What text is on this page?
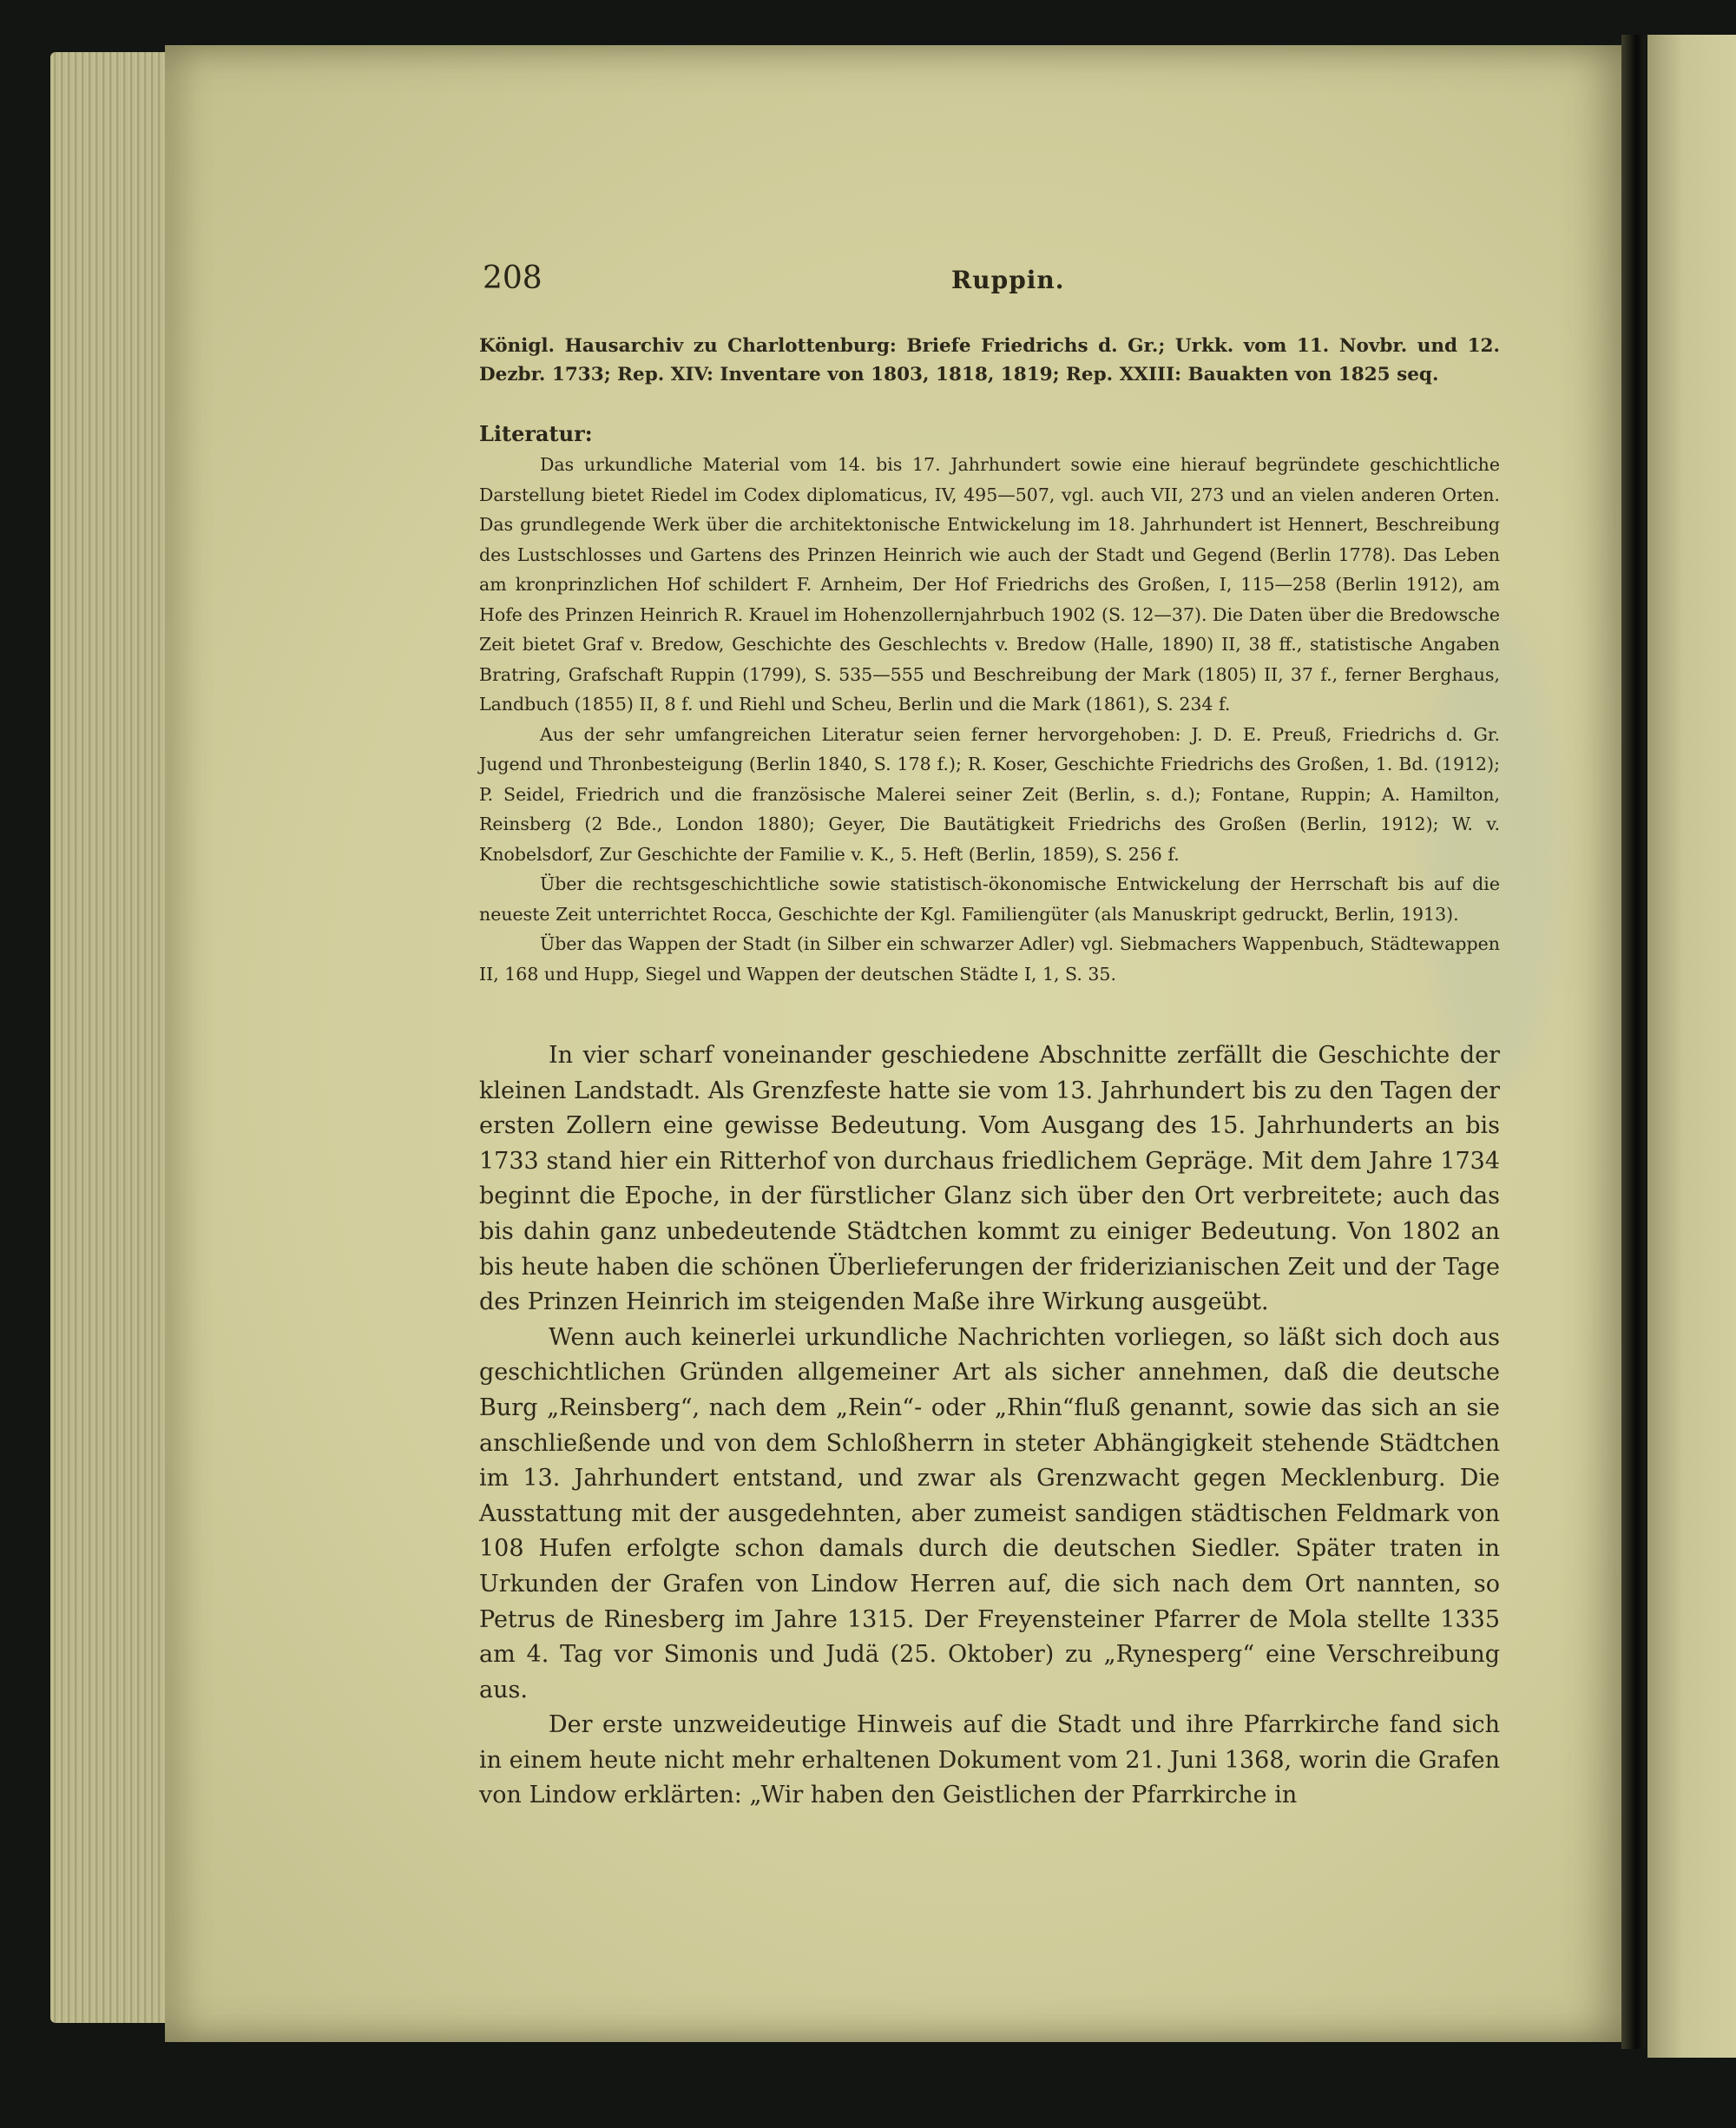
208	Ruppin.
Königl. Hausarchiv zu Charlottenburg: Briefe Friedrichs d. Gr.; Urkk. vom 11. Novbr. und 12. Dezbr. 1733; Rep. XIV: Inventare von 1803, 1818, 1819; Rep. XXIII: Bauakten von 1825 seq.
Literatur:

Das urkundliche Material vom 14. bis 17. Jahrhundert sowie eine hierauf begründete geschichtliche Darstellung bietet Riedel im Codex diplomaticus, IV, 495—507, vgl. auch VII, 273 und an vielen anderen Orten. Das grundlegende Werk über die architektonische Entwickelung im 18. Jahrhundert ist Hennert, Beschreibung des Lustschlosses und Gartens des Prinzen Heinrich wie auch der Stadt und Gegend (Berlin 1778). Das Leben am kronprinzlichen Hof schildert F. Arnheim, Der Hof Friedrichs des Großen, I, 115—258 (Berlin 1912), am Hofe des Prinzen Heinrich R. Krauel im Hohenzollernjahrbuch 1902 (S. 12—37). Die Daten über die Bredowsche Zeit bietet Graf v. Bredow, Geschichte des Geschlechts v. Bredow (Halle, 1890) II, 38 ff., statistische Angaben Bratring, Grafschaft Ruppin (1799), S. 535—555 und Beschreibung der Mark (1805) II, 37 f., ferner Berghaus, Landbuch (1855) II, 8 f. und Riehl und Scheu, Berlin und die Mark (1861), S. 234 f.

Aus der sehr umfangreichen Literatur seien ferner hervorgehoben: J. D. E. Preuß, Friedrichs d. Gr. Jugend und Thronbesteigung (Berlin 1840, S. 178 f.); R. Koser, Geschichte Friedrichs des Großen, 1. Bd. (1912); P. Seidel, Friedrich und die französische Malerei seiner Zeit (Berlin, s. d.); Fontane, Ruppin; A. Hamilton, Reinsberg (2 Bde., London 1880); Geyer, Die Bautätigkeit Friedrichs des Großen (Berlin, 1912); W. v. Knobelsdorf, Zur Geschichte der Familie v. K., 5. Heft (Berlin, 1859), S. 256 f.

Über die rechtsgeschichtliche sowie statistisch-ökonomische Entwickelung der Herrschaft bis auf die neueste Zeit unterrichtet Rocca, Geschichte der Kgl. Familiengüter (als Manuskript gedruckt, Berlin, 1913).

Über das Wappen der Stadt (in Silber ein schwarzer Adler) vgl. Siebmachers Wappenbuch, Städtewappen II, 168 und Hupp, Siegel und Wappen der deutschen Städte I, 1, S. 35.

In vier scharf voneinander geschiedene Abschnitte zerfällt die Geschichte der kleinen Landstadt. Als Grenzfeste hatte sie vom 13. Jahrhundert bis zu den Tagen der ersten Zollern eine gewisse Bedeutung. Vom Ausgang des 15. Jahrhunderts an bis 1733 stand hier ein Ritterhof von durchaus friedlichem Gepräge. Mit dem Jahre 1734 beginnt die Epoche, in der fürstlicher Glanz sich über den Ort verbreitete; auch das bis dahin ganz unbedeutende Städtchen kommt zu einiger Bedeutung. Von 1802 an bis heute haben die schönen Überlieferungen der friderizianischen Zeit und der Tage des Prinzen Heinrich im steigenden Maße ihre Wirkung ausgeübt.

Wenn auch keinerlei urkundliche Nachrichten vorliegen, so läßt sich doch aus geschichtlichen Gründen allgemeiner Art als sicher annehmen, daß die deutsche Burg „Reinsberg“, nach dem „Rein“- oder „Rhin“fluß genannt, sowie das sich an sie anschließende und von dem Schloßherrn in steter Abhängigkeit stehende Städtchen im 13. Jahrhundert entstand, und zwar als Grenzwacht gegen Mecklenburg. Die Ausstattung mit der ausgedehnten, aber zumeist sandigen städtischen Feldmark von 108 Hufen erfolgte schon damals durch die deutschen Siedler. Später traten in Urkunden der Grafen von Lindow Herren auf, die sich nach dem Ort nannten, so Petrus de Rinesberg im Jahre 1315. Der Freyensteiner Pfarrer de Mola stellte 1335 am 4. Tag vor Simonis und Judä (25. Oktober) zu „Rynesperg“ eine Verschreibung aus.

Der erste unzweideutige Hinweis auf die Stadt und ihre Pfarrkirche fand sich in einem heute nicht mehr erhaltenen Dokument vom 21. Juni 1368, worin die Grafen von Lindow erklärten: „Wir haben den Geistlichen der Pfarrkirche in
